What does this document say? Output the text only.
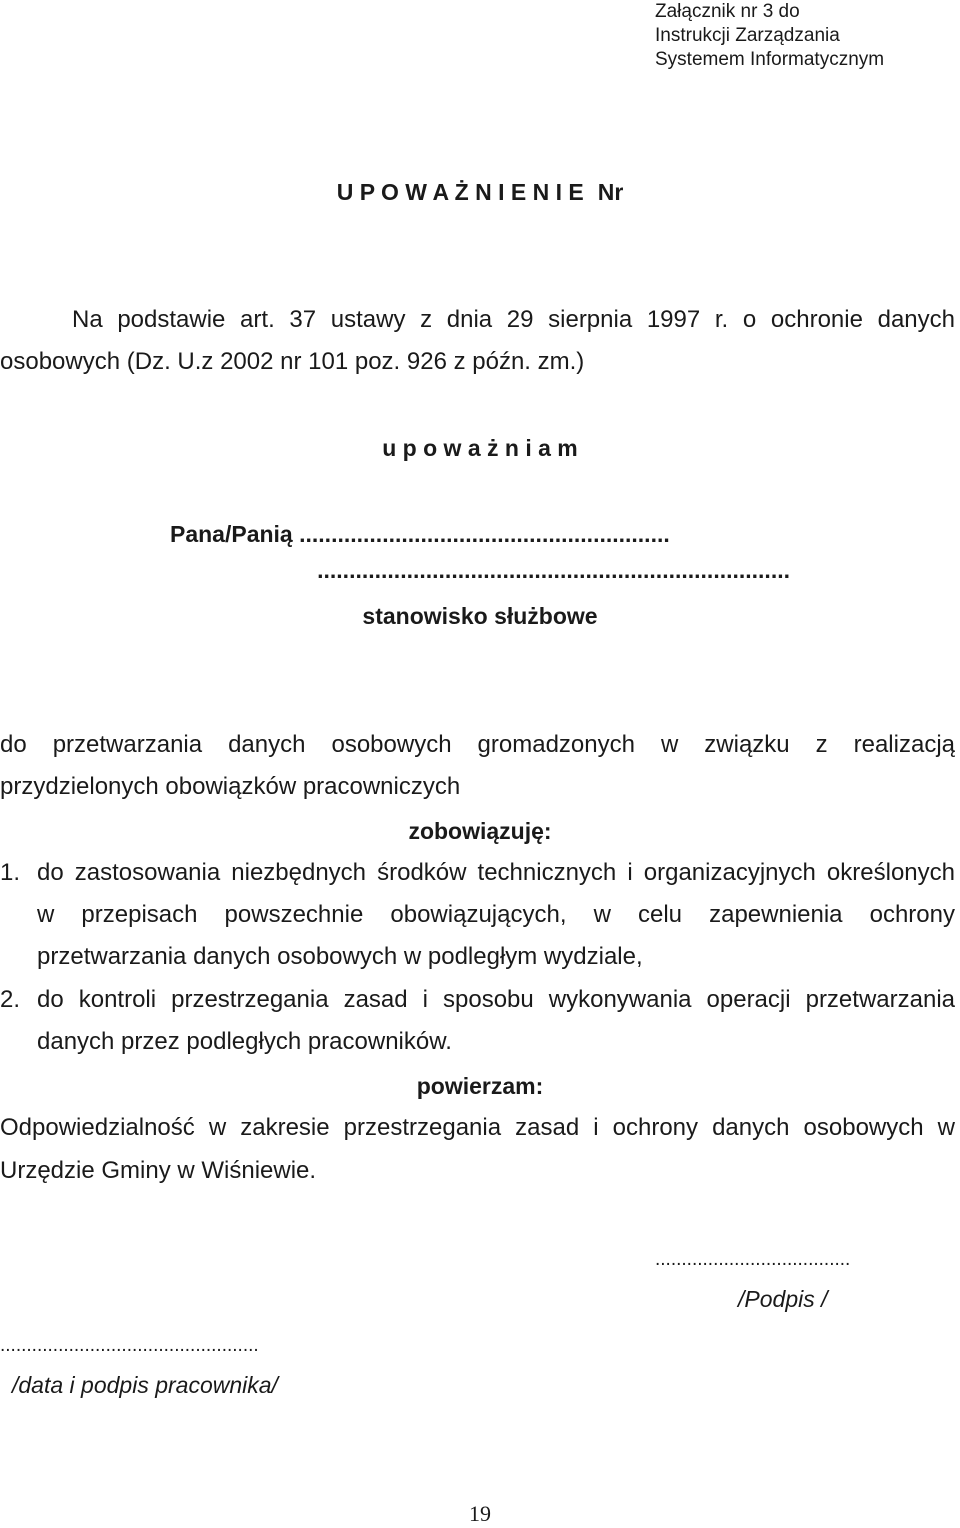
Załącznik nr 3 do
Instrukcji Zarządzania
Systemem Informatycznym
U P O W A Ż N I E N I E Nr
Na podstawie art. 37 ustawy z dnia 29 sierpnia 1997 r. o ochronie danych
osobowych (Dz. U.z 2002 nr 101 poz. 926 z późn. zm.)
u p o w a ż n i a m
Pana/Panią ..........................................................
..........................................................................
stanowisko służbowe
do przetwarzania danych osobowych gromadzonych w związku z realizacją
przydzielonych obowiązków pracowniczych
zobowiązuję:
1. do zastosowania niezbędnych środków technicznych i organizacyjnych określonych
w przepisach powszechnie obowiązujących, w celu zapewnienia ochrony
przetwarzania danych osobowych w podległym wydziale,
2. do kontroli przestrzegania zasad i sposobu wykonywania operacji przetwarzania
danych przez podległych pracowników.
powierzam:
Odpowiedzialność w zakresie przestrzegania zasad i ochrony danych osobowych w
Urzędzie Gminy w Wiśniewie.
.....................................
/Podpis /
.................................................
/data i podpis pracownika/
19
